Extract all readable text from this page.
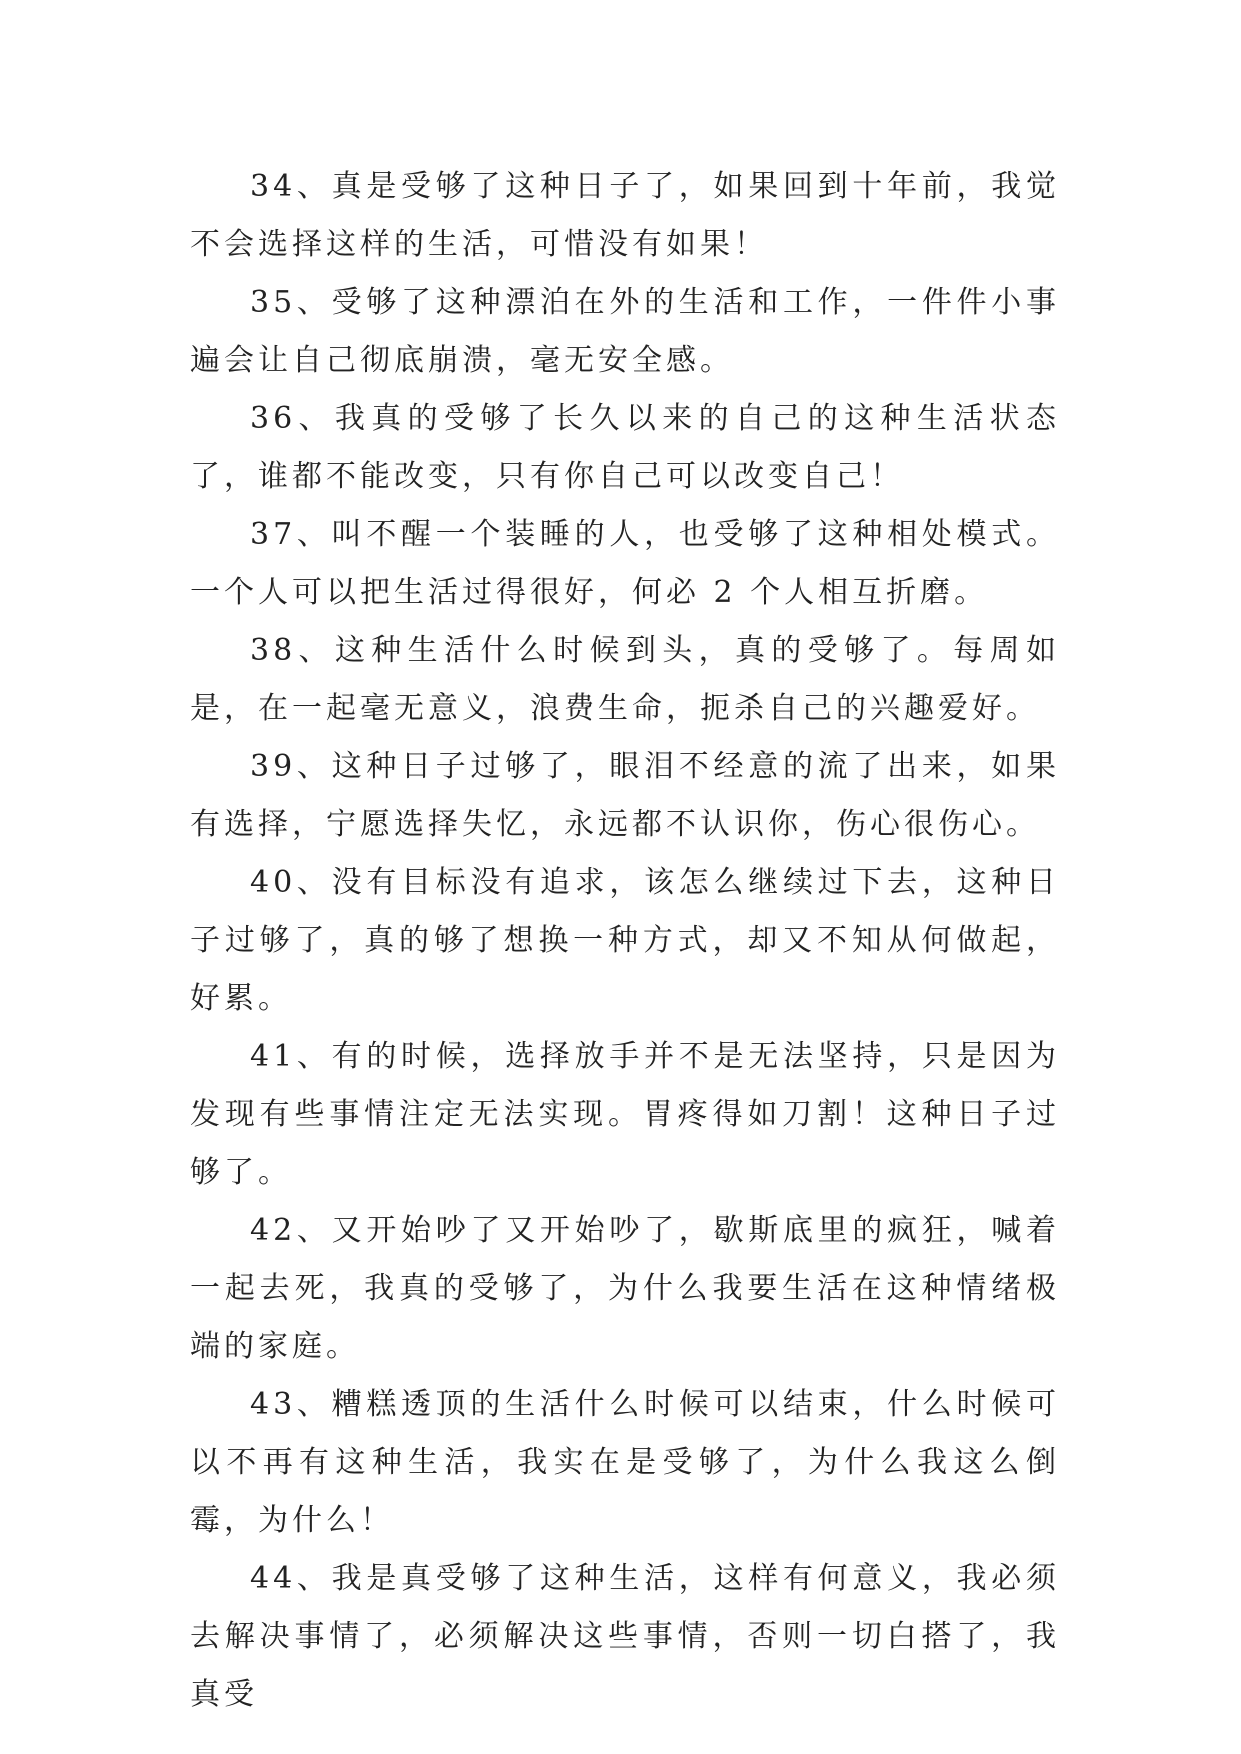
34、真是受够了这种日子了，如果回到十年前，我觉不会选择这样的生活，可惜没有如果！

35、受够了这种漂泊在外的生活和工作，一件件小事遍会让自己彻底崩溃，毫无安全感。

36、我真的受够了长久以来的自己的这种生活状态了，谁都不能改变，只有你自己可以改变自己！

37、叫不醒一个装睡的人，也受够了这种相处模式。一个人可以把生活过得很好，何必 2 个人相互折磨。

38、这种生活什么时候到头，真的受够了。每周如是，在一起毫无意义，浪费生命，扼杀自己的兴趣爱好。

39、这种日子过够了，眼泪不经意的流了出来，如果有选择，宁愿选择失忆，永远都不认识你，伤心很伤心。

40、没有目标没有追求，该怎么继续过下去，这种日子过够了，真的够了想换一种方式，却又不知从何做起，好累。

41、有的时候，选择放手并不是无法坚持，只是因为发现有些事情注定无法实现。胃疼得如刀割！这种日子过够了。

42、又开始吵了又开始吵了，歇斯底里的疯狂，喊着一起去死，我真的受够了，为什么我要生活在这种情绪极端的家庭。

43、糟糕透顶的生活什么时候可以结束，什么时候可以不再有这种生活，我实在是受够了，为什么我这么倒霉，为什么！

44、我是真受够了这种生活，这样有何意义，我必须去解决事情了，必须解决这些事情，否则一切白搭了，我真受
